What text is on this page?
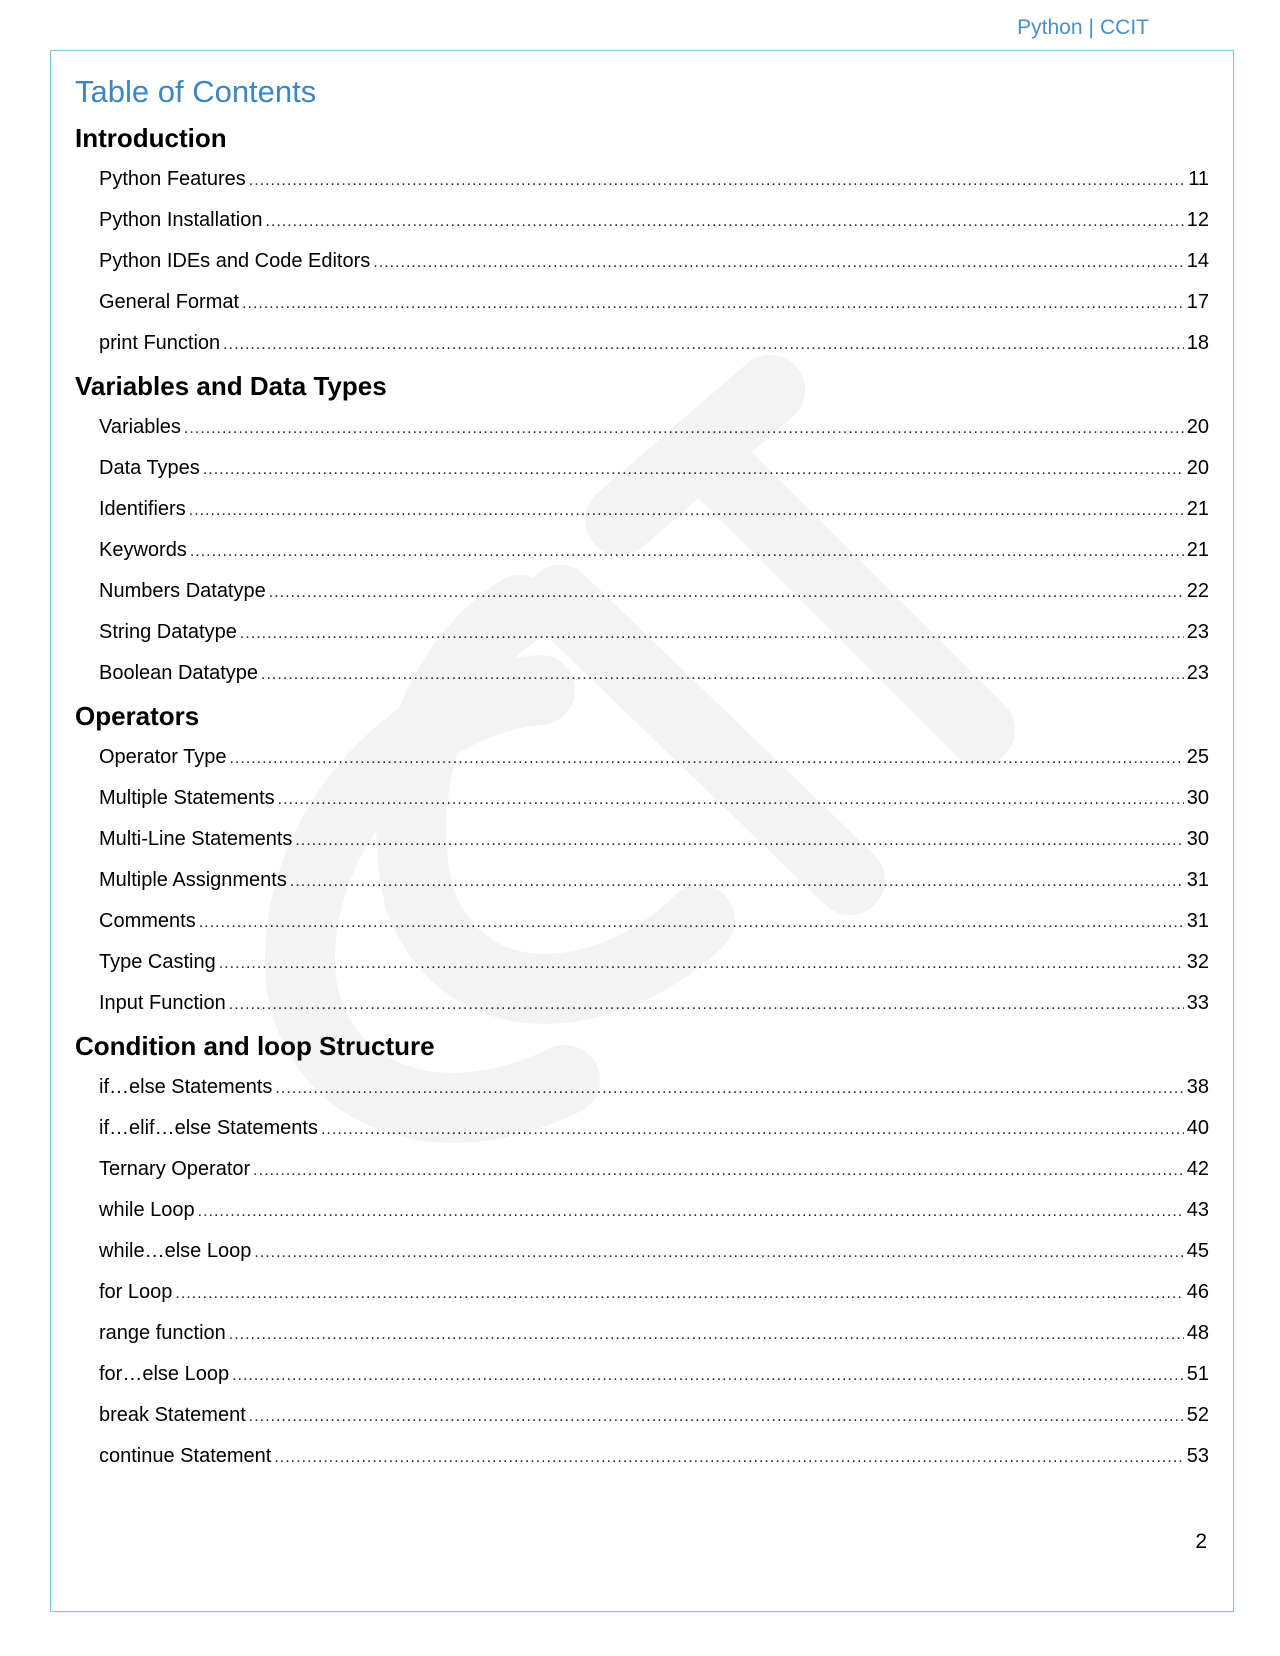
Python | CCIT
Table of Contents
Introduction
Python Features .....	11
Python Installation .....	12
Python IDEs and Code Editors .....	14
General Format .....	17
print Function .....	18
Variables and Data Types
Variables .....	20
Data Types .....	20
Identifiers .....	21
Keywords .....	21
Numbers Datatype .....	22
String Datatype .....	23
Boolean Datatype .....	23
Operators
Operator Type .....	25
Multiple Statements .....	30
Multi-Line Statements .....	30
Multiple Assignments .....	31
Comments .....	31
Type Casting .....	32
Input Function .....	33
Condition and loop Structure
if…else Statements .....	38
if…elif…else Statements .....	40
Ternary Operator .....	42
while Loop .....	43
while…else Loop .....	45
for Loop .....	46
range function .....	48
for…else Loop .....	51
break Statement .....	52
continue Statement .....	53
2
